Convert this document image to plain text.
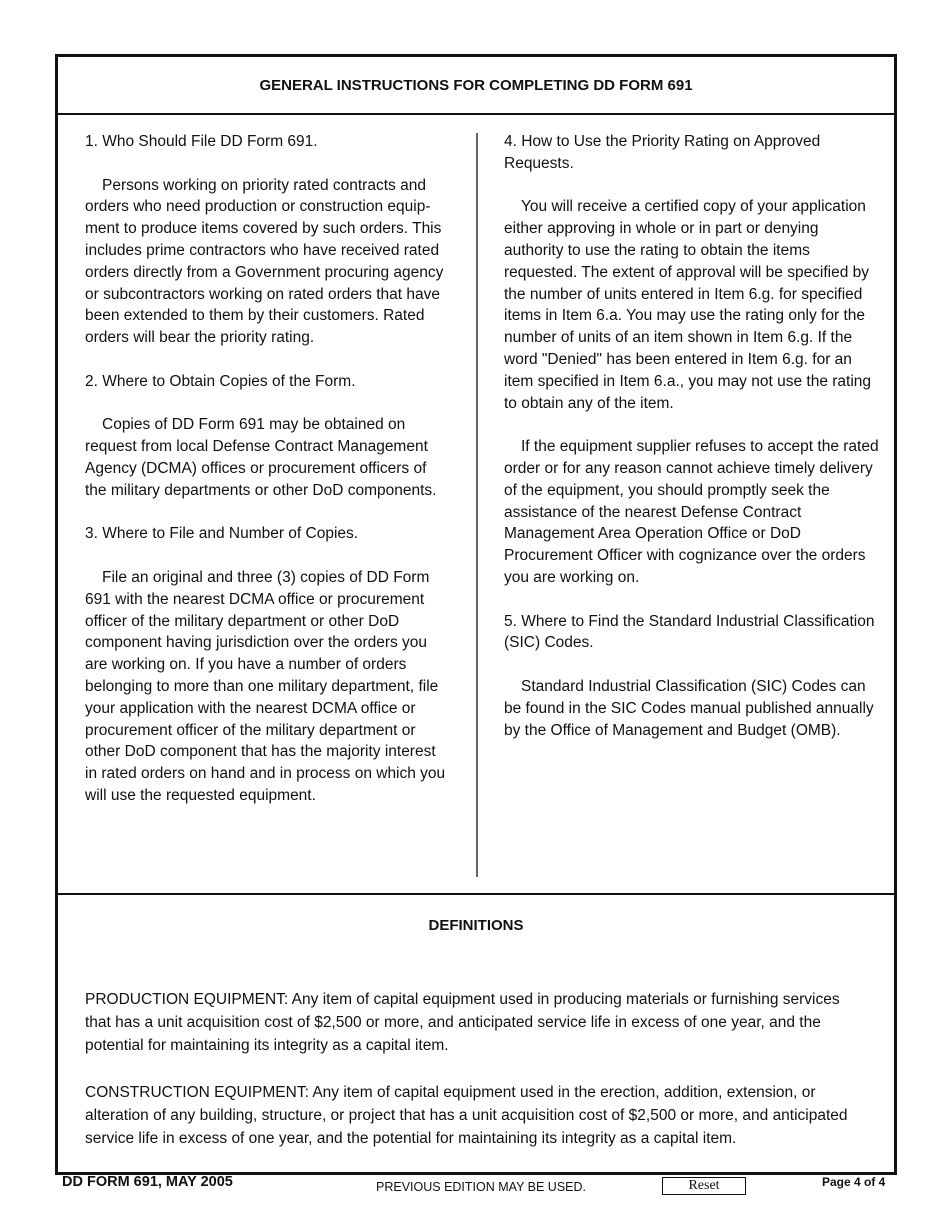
GENERAL INSTRUCTIONS FOR COMPLETING DD FORM 691

1. Who Should File DD Form 691.

Persons working on priority rated contracts and orders who need production or construction equip-ment to produce items covered by such orders. This includes prime contractors who have received rated orders directly from a Government procuring agency or subcontractors working on rated orders that have been extended to them by their customers. Rated orders will bear the priority rating.

2. Where to Obtain Copies of the Form.

Copies of DD Form 691 may be obtained on request from local Defense Contract Management Agency (DCMA) offices or procurement officers of the military departments or other DoD components.

3. Where to File and Number of Copies.

File an original and three (3) copies of DD Form 691 with the nearest DCMA office or procurement officer of the military department or other DoD component having jurisdiction over the orders you are working on. If you have a number of orders belonging to more than one military department, file your application with the nearest DCMA office or procurement officer of the military department or other DoD component that has the majority interest in rated orders on hand and in process on which you will use the requested equipment.

4. How to Use the Priority Rating on Approved Requests.

You will receive a certified copy of your application either approving in whole or in part or denying authority to use the rating to obtain the items requested. The extent of approval will be specified by the number of units entered in Item 6.g. for specified items in Item 6.a. You may use the rating only for the number of units of an item shown in Item 6.g. If the word "Denied" has been entered in Item 6.g. for an item specified in Item 6.a., you may not use the rating to obtain any of the item.

If the equipment supplier refuses to accept the rated order or for any reason cannot achieve timely delivery of the equipment, you should promptly seek the assistance of the nearest Defense Contract Management Area Operation Office or DoD Procurement Officer with cognizance over the orders you are working on.

5. Where to Find the Standard Industrial Classification (SIC) Codes.

Standard Industrial Classification (SIC) Codes can be found in the SIC Codes manual published annually by the Office of Management and Budget (OMB).

DEFINITIONS

PRODUCTION EQUIPMENT: Any item of capital equipment used in producing materials or furnishing services that has a unit acquisition cost of $2,500 or more, and anticipated service life in excess of one year, and the potential for maintaining its integrity as a capital item.

CONSTRUCTION EQUIPMENT: Any item of capital equipment used in the erection, addition, extension, or alteration of any building, structure, or project that has a unit acquisition cost of $2,500 or more, and anticipated service life in excess of one year, and the potential for maintaining its integrity as a capital item.

DD FORM 691, MAY 2005	PREVIOUS EDITION MAY BE USED.	Reset	Page 4 of 4
